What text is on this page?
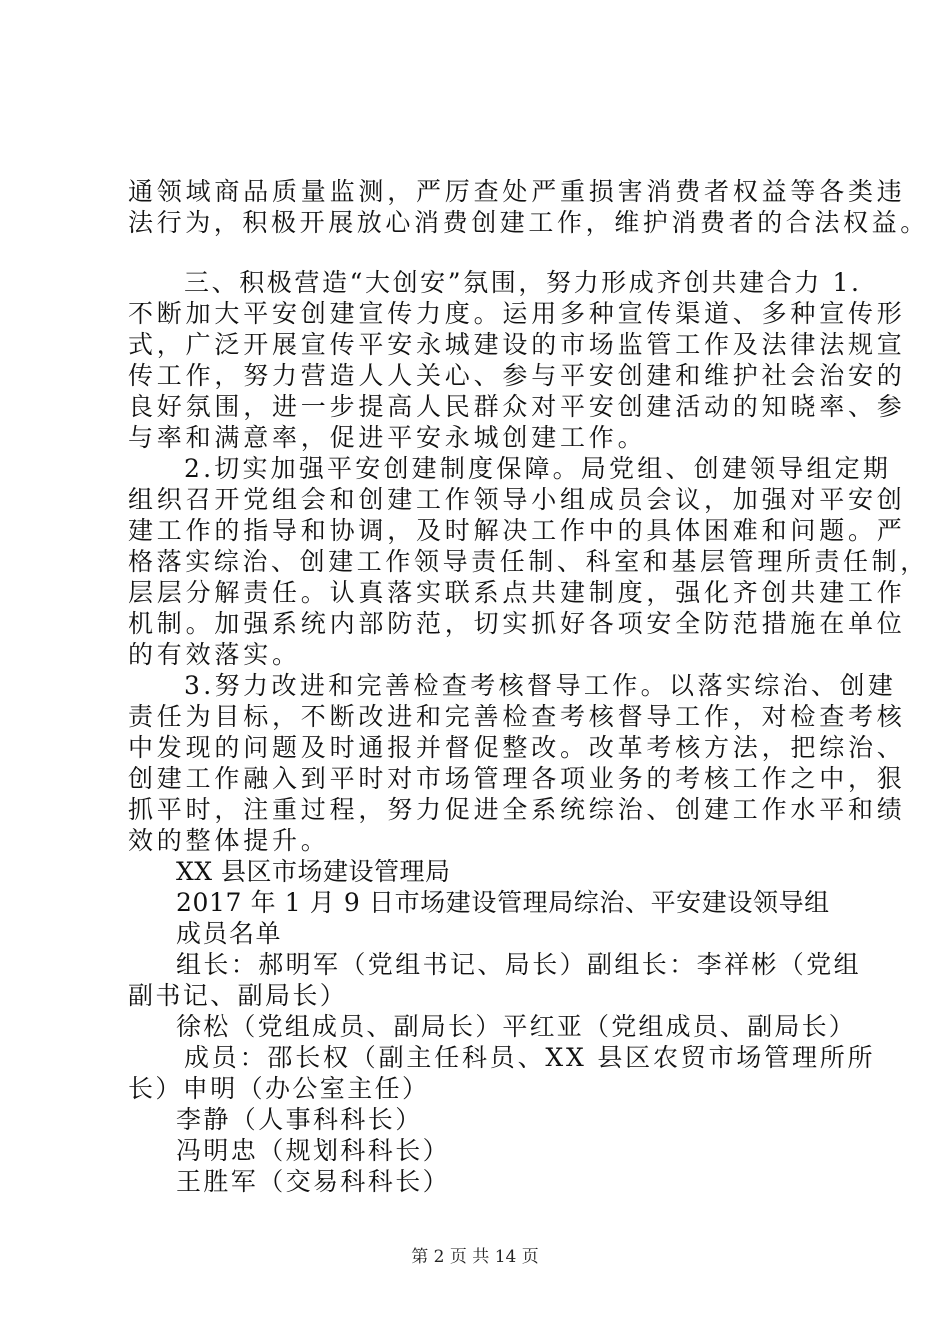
通领域商品质量监测，严厉查处严重损害消费者权益等各类违
法行为，积极开展放心消费创建工作，维护消费者的合法权益。
三、积极营造“大创安”氛围，努力形成齐创共建合力 1.
不断加大平安创建宣传力度。运用多种宣传渠道、多种宣传形
式，广泛开展宣传平安永城建设的市场监管工作及法律法规宣
传工作，努力营造人人关心、参与平安创建和维护社会治安的
良好氛围，进一步提高人民群众对平安创建活动的知晓率、参
与率和满意率，促进平安永城创建工作。
2.切实加强平安创建制度保障。局党组、创建领导组定期
组织召开党组会和创建工作领导小组成员会议，加强对平安创
建工作的指导和协调，及时解决工作中的具体困难和问题。严
格落实综治、创建工作领导责任制、科室和基层管理所责任制，
层层分解责任。认真落实联系点共建制度，强化齐创共建工作
机制。加强系统内部防范，切实抓好各项安全防范措施在单位
的有效落实。
3.努力改进和完善检查考核督导工作。以落实综治、创建
责任为目标，不断改进和完善检查考核督导工作，对检查考核
中发现的问题及时通报并督促整改。改革考核方法，把综治、
创建工作融入到平时对市场管理各项业务的考核工作之中，狠
抓平时，注重过程，努力促进全系统综治、创建工作水平和绩
效的整体提升。
XX 县区市场建设管理局
2017 年 1 月 9 日市场建设管理局综治、平安建设领导组
成员名单
组长：郝明军（党组书记、局长）副组长：李祥彬（党组
副书记、副局长）
徐松（党组成员、副局长）平红亚（党组成员、副局长）
成员：邵长权（副主任科员、XX 县区农贸市场管理所所
长）申明（办公室主任）
李静（人事科科长）
冯明忠（规划科科长）
王胜军（交易科科长）
第 2 页 共 14 页
